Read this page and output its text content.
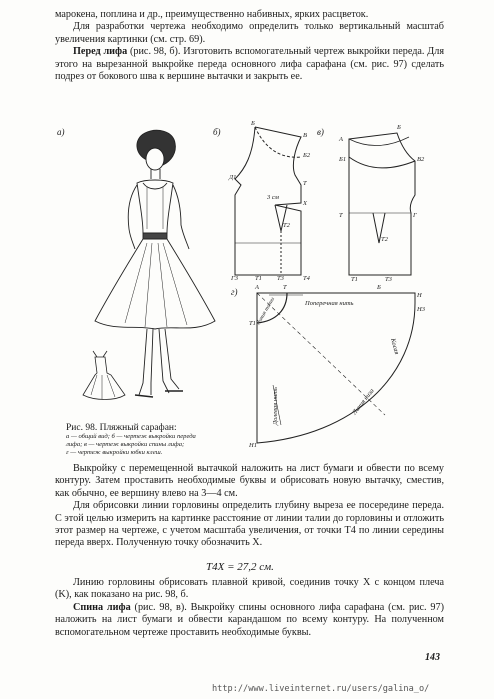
марокена, поплина и др., преимущественно набивных, ярких расцветок.

Для разработки чертежа необходимо определить только вертикальный масштаб увеличения картинки (см. стр. 69).

Перед лифа (рис. 98, б). Изготовить вспомогательный чертеж выкройки переда. Для этого на вырезанной выкройке переда основного лифа сарафана (см. рис. 97) сделать подрез от бокового шва к вершине вытачки и закрыть ее.

а)	б)
Б
В
Т
Б2
Х
Т2
Т4
Т3
Т1
Г3
Д1
3 см
в)
А
Б
Б1	В2
Т
Т2
Т1	Т3
Г
г)
Поперечная нить
Долевая нить	Линия низа
Линия талии
Косая
А	Т
Т1
Н
Н1
Н3
Б
Рис. 98. Пляжный сарафан:
а — общий вид; б — чертеж выкройки переда
лифа; в — чертеж выкройки спины лифа;
г — чертеж выкройки юбки клеш.

Выкройку с перемещенной вытачкой наложить на лист бумаги и обвести по всему контуру. Затем проставить необходимые буквы и обрисовать новую вытачку, сместив, как обычно, ее вершину влево на 3—4 см.

Для обрисовки линии горловины определить глубину выреза ее посередине переда. С этой целью измерить на картинке расстояние от линии талии до горловины и отложить этот размер на чертеже, с учетом масштаба увеличения, от точки T4 по линии середины переда вверх. Полученную точку обозначить X.

T4X = 27,2 см.

Линию горловины обрисовать плавной кривой, соединив точку X с концом плеча (K), как показано на рис. 98, б.

Спина лифа (рис. 98, в). Выкройку спины основного лифа сарафана (см. рис. 97) наложить на лист бумаги и обвести карандашом по всему контуру. На полученном вспомогательном чертеже проставить необходимые буквы.

143
http://www.liveinternet.ru/users/galina_o/
